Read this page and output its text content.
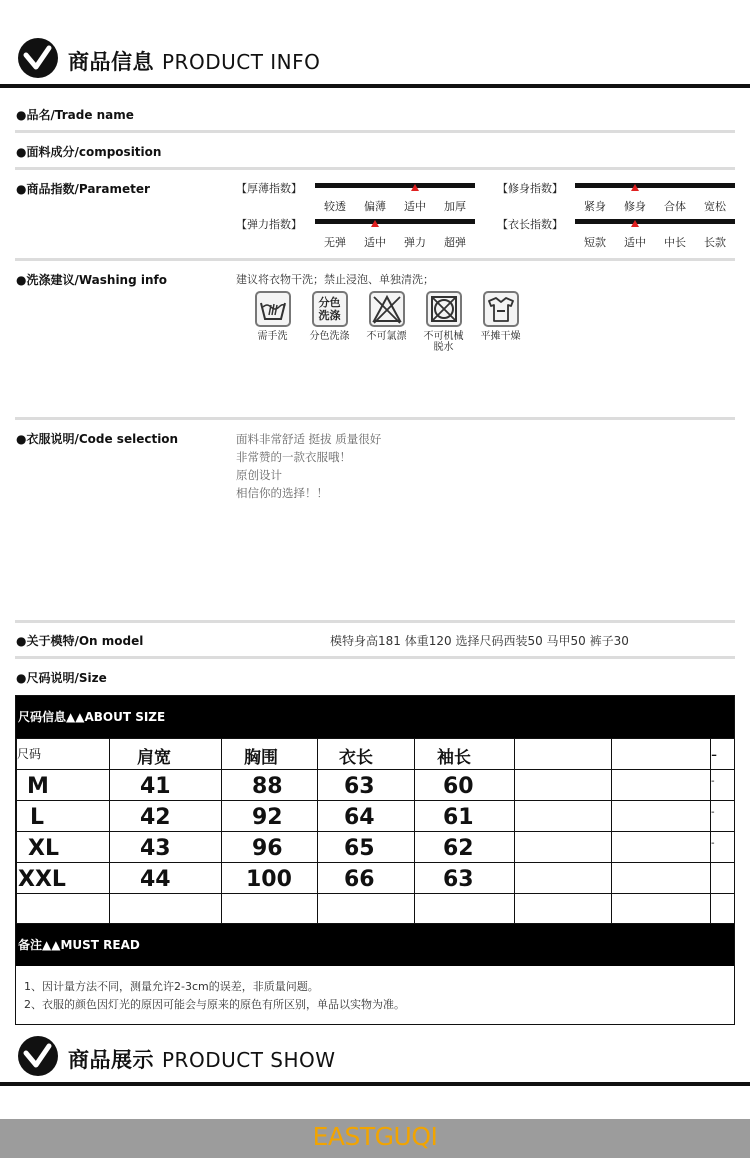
商品信息 PRODUCT INFO
●品名/Trade name
●面料成分/composition
●商品指数/Parameter	【厚薄指数】
较透	偏薄	适中	加厚
【修身指数】
紧身	修身	合体	宽松
【弹力指数】
无弹	适中	弹力	超弹
【衣长指数】
短款	适中	中长	长款
●洗涤建议/Washing info	建议将衣物干洗；禁止浸泡、单独清洗；
需手洗
分色洗涤
分色洗涤	不可氯漂	不可机械脱水
平摊干燥
●衣服说明/Code selection	面料非常舒适 挺拔 质量很好
非常赞的一款衣服哦！
原创设计
相信你的选择！！
●关于模特/On model	模特身高181 体重120 选择尺码西装50 马甲50 裤子30
●尺码说明/Size
尺码信息▲▲ABOUT SIZE
尺码	肩宽	胸围	衣长	袖长			-
M	41	88	63	60			-
L	42	92	64	61			-
XL	43	96	65	62			-
XXL	44	100	66	63			

备注▲▲MUST READ
1、因计量方法不同，测量允许2-3cm的误差，非质量问题。
2、衣服的颜色因灯光的原因可能会与原来的原色有所区别，单品以实物为准。
商品展示 PRODUCT SHOW
EASTGUQI
